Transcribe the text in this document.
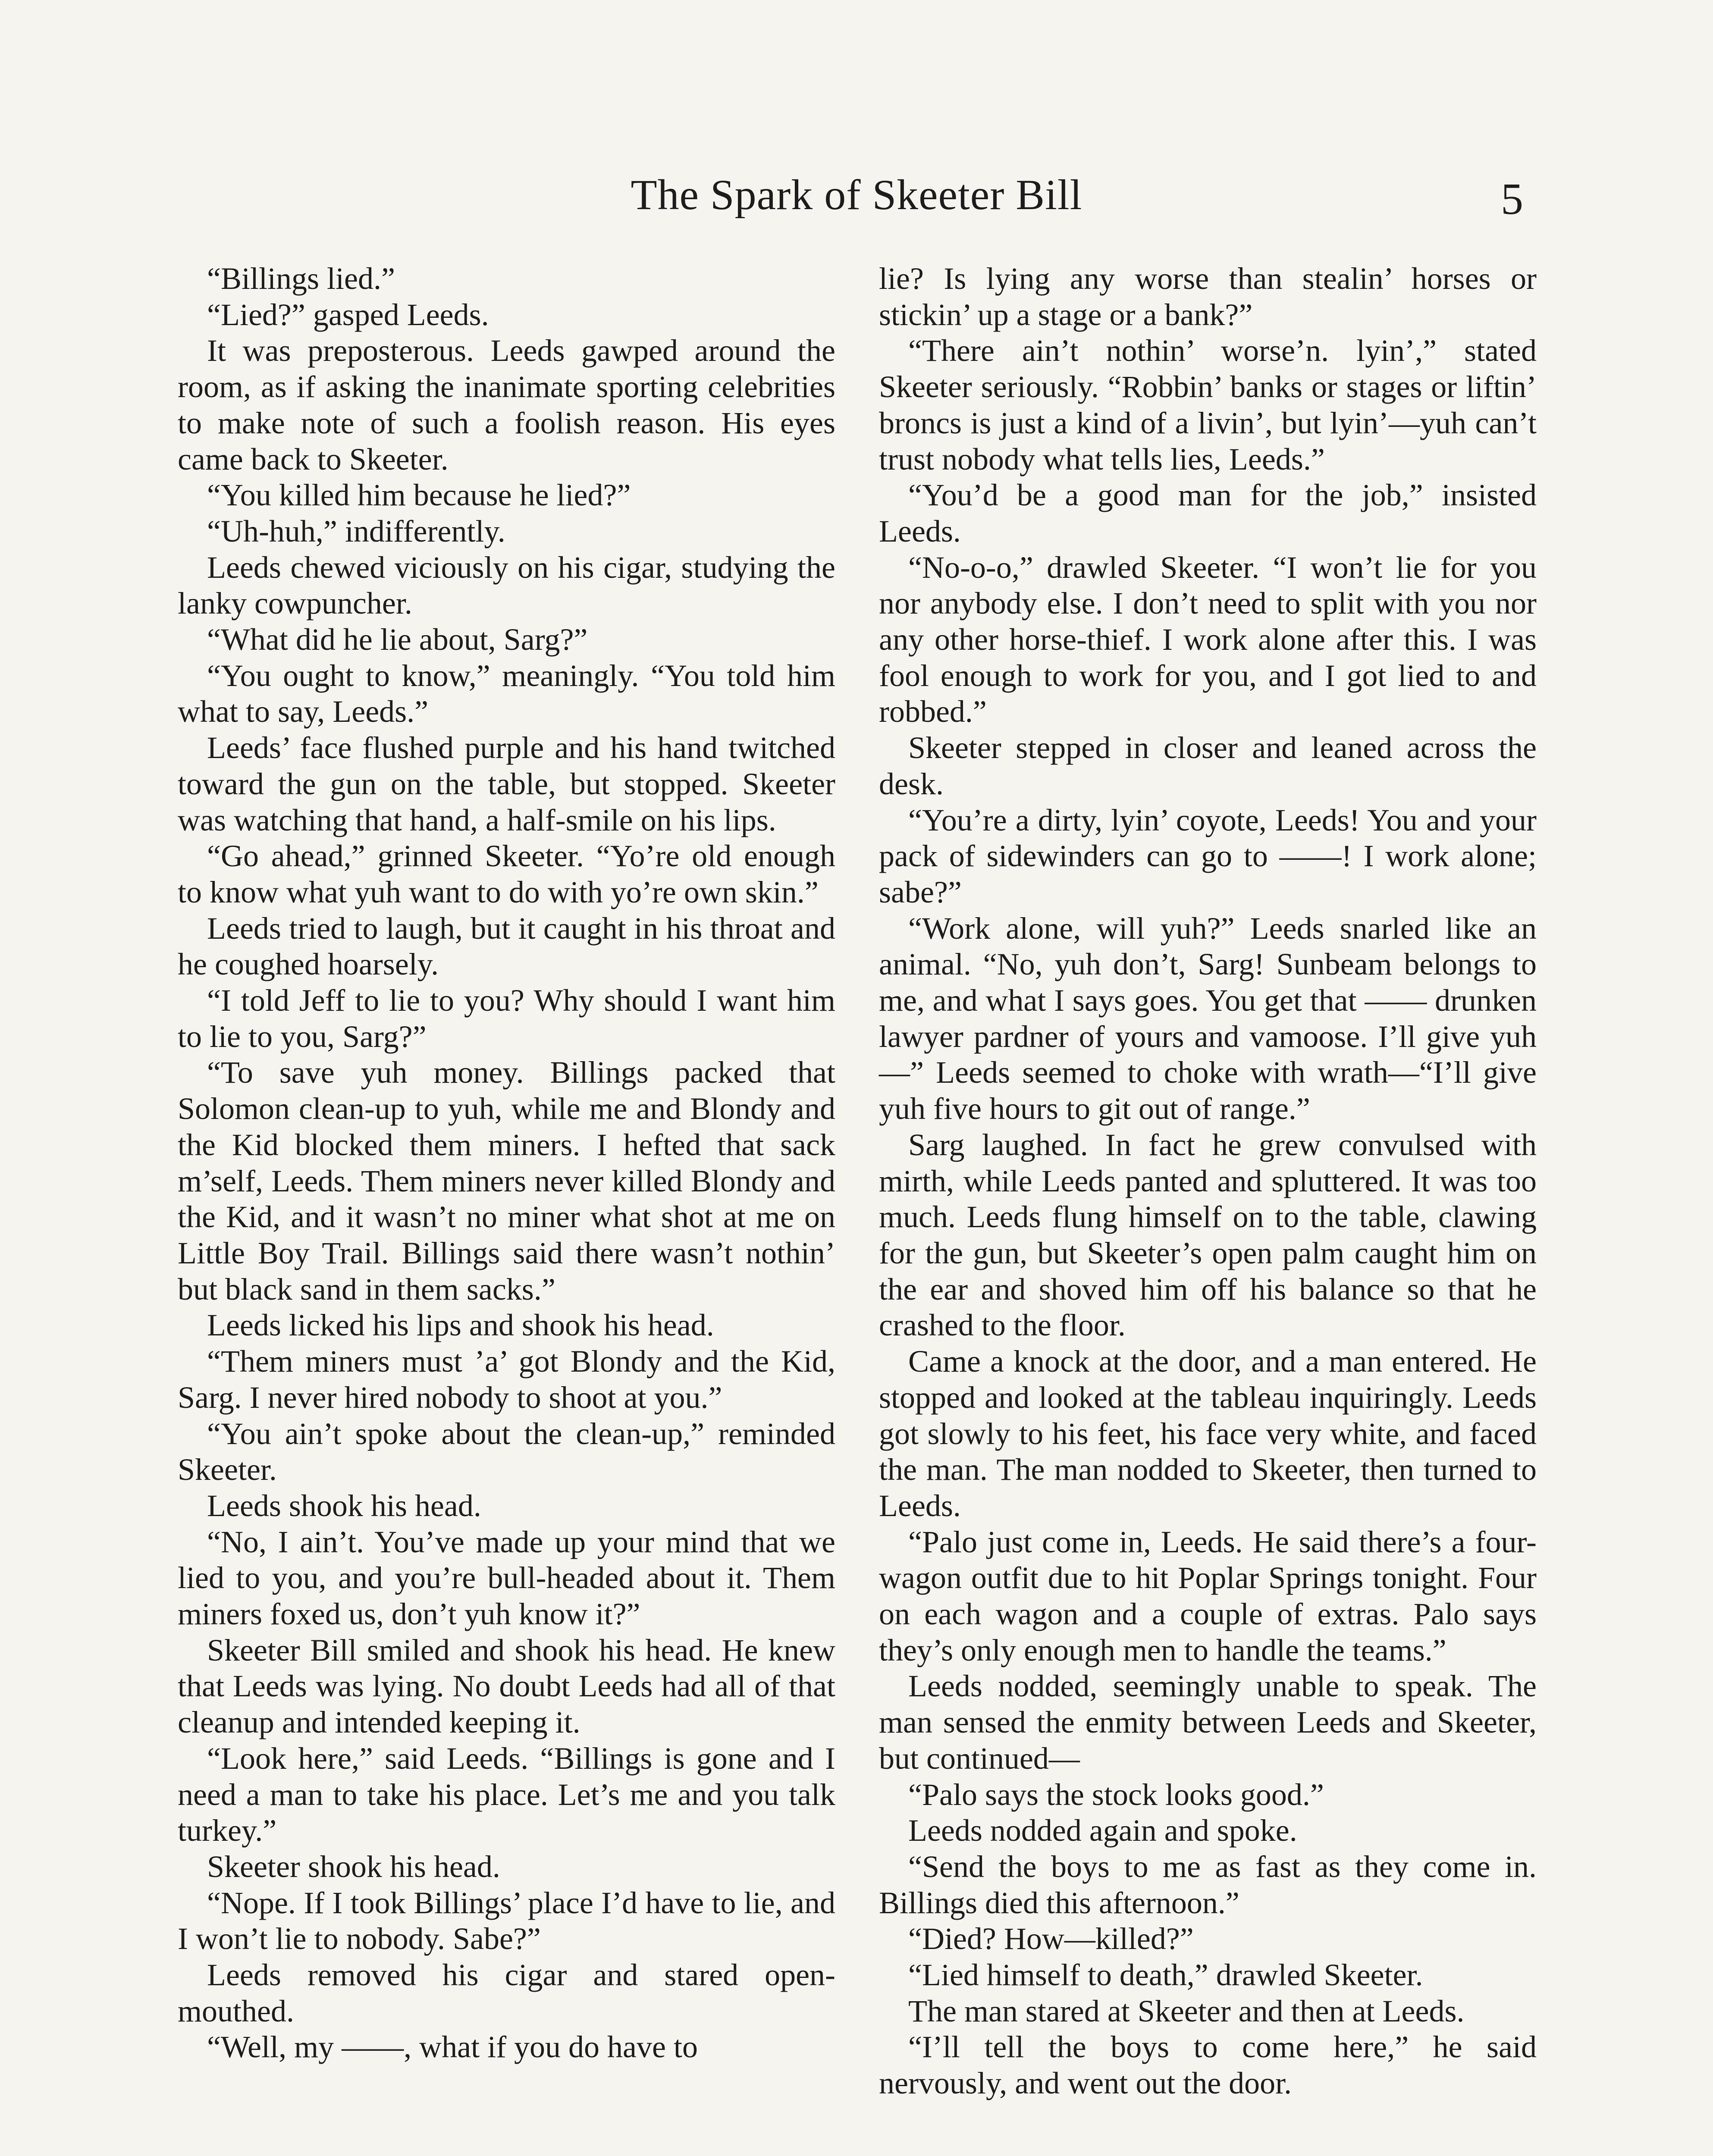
The Spark of Skeeter Bill	5

“Billings lied.”

“Lied?” gasped Leeds.

It was preposterous. Leeds gawped around the room, as if asking the inanimate sporting celebrities to make note of such a foolish reason. His eyes came back to Skeeter.

“You killed him because he lied?”

“Uh-huh,” indifferently.

Leeds chewed viciously on his cigar, studying the lanky cowpuncher.

“What did he lie about, Sarg?”

“You ought to know,” meaningly. “You told him what to say, Leeds.”

Leeds’ face flushed purple and his hand twitched toward the gun on the table, but stopped. Skeeter was watching that hand, a half-smile on his lips.

“Go ahead,” grinned Skeeter. “Yo’re old enough to know what yuh want to do with yo’re own skin.”

Leeds tried to laugh, but it caught in his throat and he coughed hoarsely.

“I told Jeff to lie to you? Why should I want him to lie to you, Sarg?”

“To save yuh money. Billings packed that Solomon clean-up to yuh, while me and Blondy and the Kid blocked them miners. I hefted that sack m’self, Leeds. Them miners never killed Blondy and the Kid, and it wasn’t no miner what shot at me on Little Boy Trail. Billings said there wasn’t nothin’ but black sand in them sacks.”

Leeds licked his lips and shook his head.

“Them miners must ’a’ got Blondy and the Kid, Sarg. I never hired nobody to shoot at you.”

“You ain’t spoke about the clean-up,” reminded Skeeter.

Leeds shook his head.

“No, I ain’t. You’ve made up your mind that we lied to you, and you’re bull-headed about it. Them miners foxed us, don’t yuh know it?”

Skeeter Bill smiled and shook his head. He knew that Leeds was lying. No doubt Leeds had all of that cleanup and intended keeping it.

“Look here,” said Leeds. “Billings is gone and I need a man to take his place. Let’s me and you talk turkey.”

Skeeter shook his head.

“Nope. If I took Billings’ place I’d have to lie, and I won’t lie to nobody. Sabe?”

Leeds removed his cigar and stared open-mouthed.

“Well, my ——, what if you do have to

lie? Is lying any worse than stealin’ horses or stickin’ up a stage or a bank?”

“There ain’t nothin’ worse’n. lyin’,” stated Skeeter seriously. “Robbin’ banks or stages or liftin’ broncs is just a kind of a livin’, but lyin’—yuh can’t trust nobody what tells lies, Leeds.”

“You’d be a good man for the job,” insisted Leeds.

“No-o-o,” drawled Skeeter. “I won’t lie for you nor anybody else. I don’t need to split with you nor any other horse-thief. I work alone after this. I was fool enough to work for you, and I got lied to and robbed.”

Skeeter stepped in closer and leaned across the desk.

“You’re a dirty, lyin’ coyote, Leeds! You and your pack of sidewinders can go to ——! I work alone; sabe?”

“Work alone, will yuh?” Leeds snarled like an animal. “No, yuh don’t, Sarg! Sunbeam belongs to me, and what I says goes. You get that —— drunken lawyer pardner of yours and vamoose. I’ll give yuh—” Leeds seemed to choke with wrath—“I’ll give yuh five hours to git out of range.”

Sarg laughed. In fact he grew convulsed with mirth, while Leeds panted and spluttered. It was too much. Leeds flung himself on to the table, clawing for the gun, but Skeeter’s open palm caught him on the ear and shoved him off his balance so that he crashed to the floor.

Came a knock at the door, and a man entered. He stopped and looked at the tableau inquiringly. Leeds got slowly to his feet, his face very white, and faced the man. The man nodded to Skeeter, then turned to Leeds.

“Palo just come in, Leeds. He said there’s a four-wagon outfit due to hit Poplar Springs tonight. Four on each wagon and a couple of extras. Palo says they’s only enough men to handle the teams.”

Leeds nodded, seemingly unable to speak. The man sensed the enmity between Leeds and Skeeter, but continued—

“Palo says the stock looks good.”

Leeds nodded again and spoke.

“Send the boys to me as fast as they come in. Billings died this afternoon.”

“Died? How—killed?”

“Lied himself to death,” drawled Skeeter.

The man stared at Skeeter and then at Leeds.

“I’ll tell the boys to come here,” he said nervously, and went out the door.
